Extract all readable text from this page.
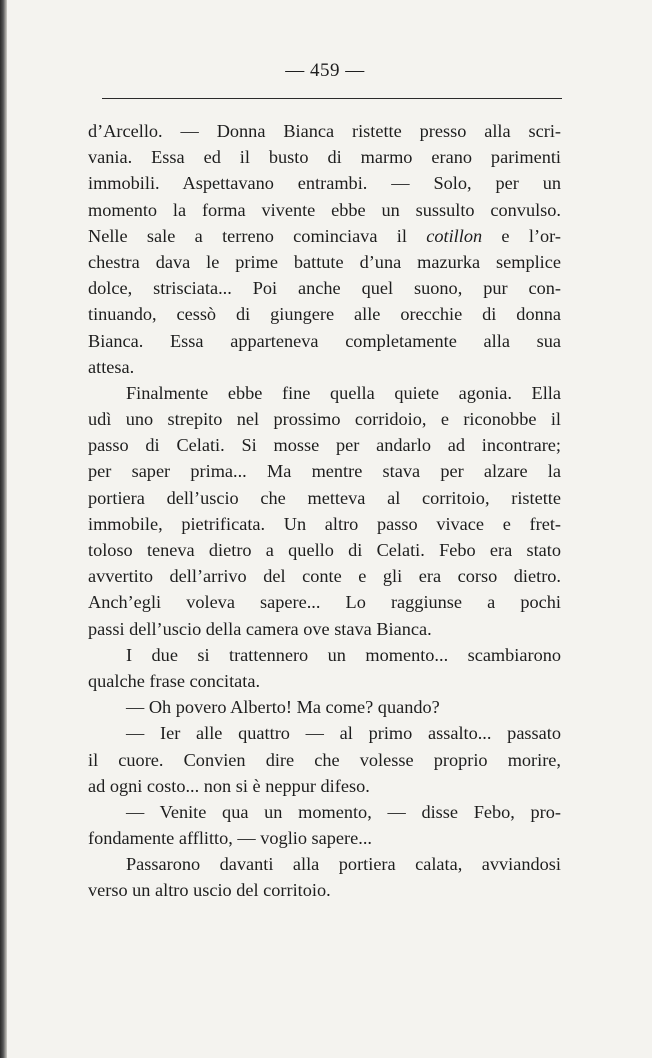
— 459 —
d’Arcello. — Donna Bianca ristette presso alla scri-
vania. Essa ed il busto di marmo erano parimenti
immobili. Aspettavano entrambi. — Solo, per un
momento la forma vivente ebbe un sussulto convulso.
Nelle sale a terreno cominciava il cotillon e l’or-
chestra dava le prime battute d’una mazurka semplice
dolce, strisciata... Poi anche quel suono, pur con-
tinuando, cessò di giungere alle orecchie di donna
Bianca. Essa apparteneva completamente alla sua
attesa.
Finalmente ebbe fine quella quiete agonia. Ella
udì uno strepito nel prossimo corridoio, e riconobbe il
passo di Celati. Si mosse per andarlo ad incontrare;
per saper prima... Ma mentre stava per alzare la
portiera dell’uscio che metteva al corritoio, ristette
immobile, pietrificata. Un altro passo vivace e fret-
toloso teneva dietro a quello di Celati. Febo era stato
avvertito dell’arrivo del conte e gli era corso dietro.
Anch’egli voleva sapere... Lo raggiunse a pochi
passi dell’uscio della camera ove stava Bianca.
I due si trattennero un momento... scambiarono
qualche frase concitata.
— Oh povero Alberto! Ma come? quando?
— Ier alle quattro — al primo assalto... passato
il cuore. Convien dire che volesse proprio morire,
ad ogni costo... non si è neppur difeso.
— Venite qua un momento, — disse Febo, pro-
fondamente afflitto, — voglio sapere...
Passarono davanti alla portiera calata, avviandosi
verso un altro uscio del corritoio.
